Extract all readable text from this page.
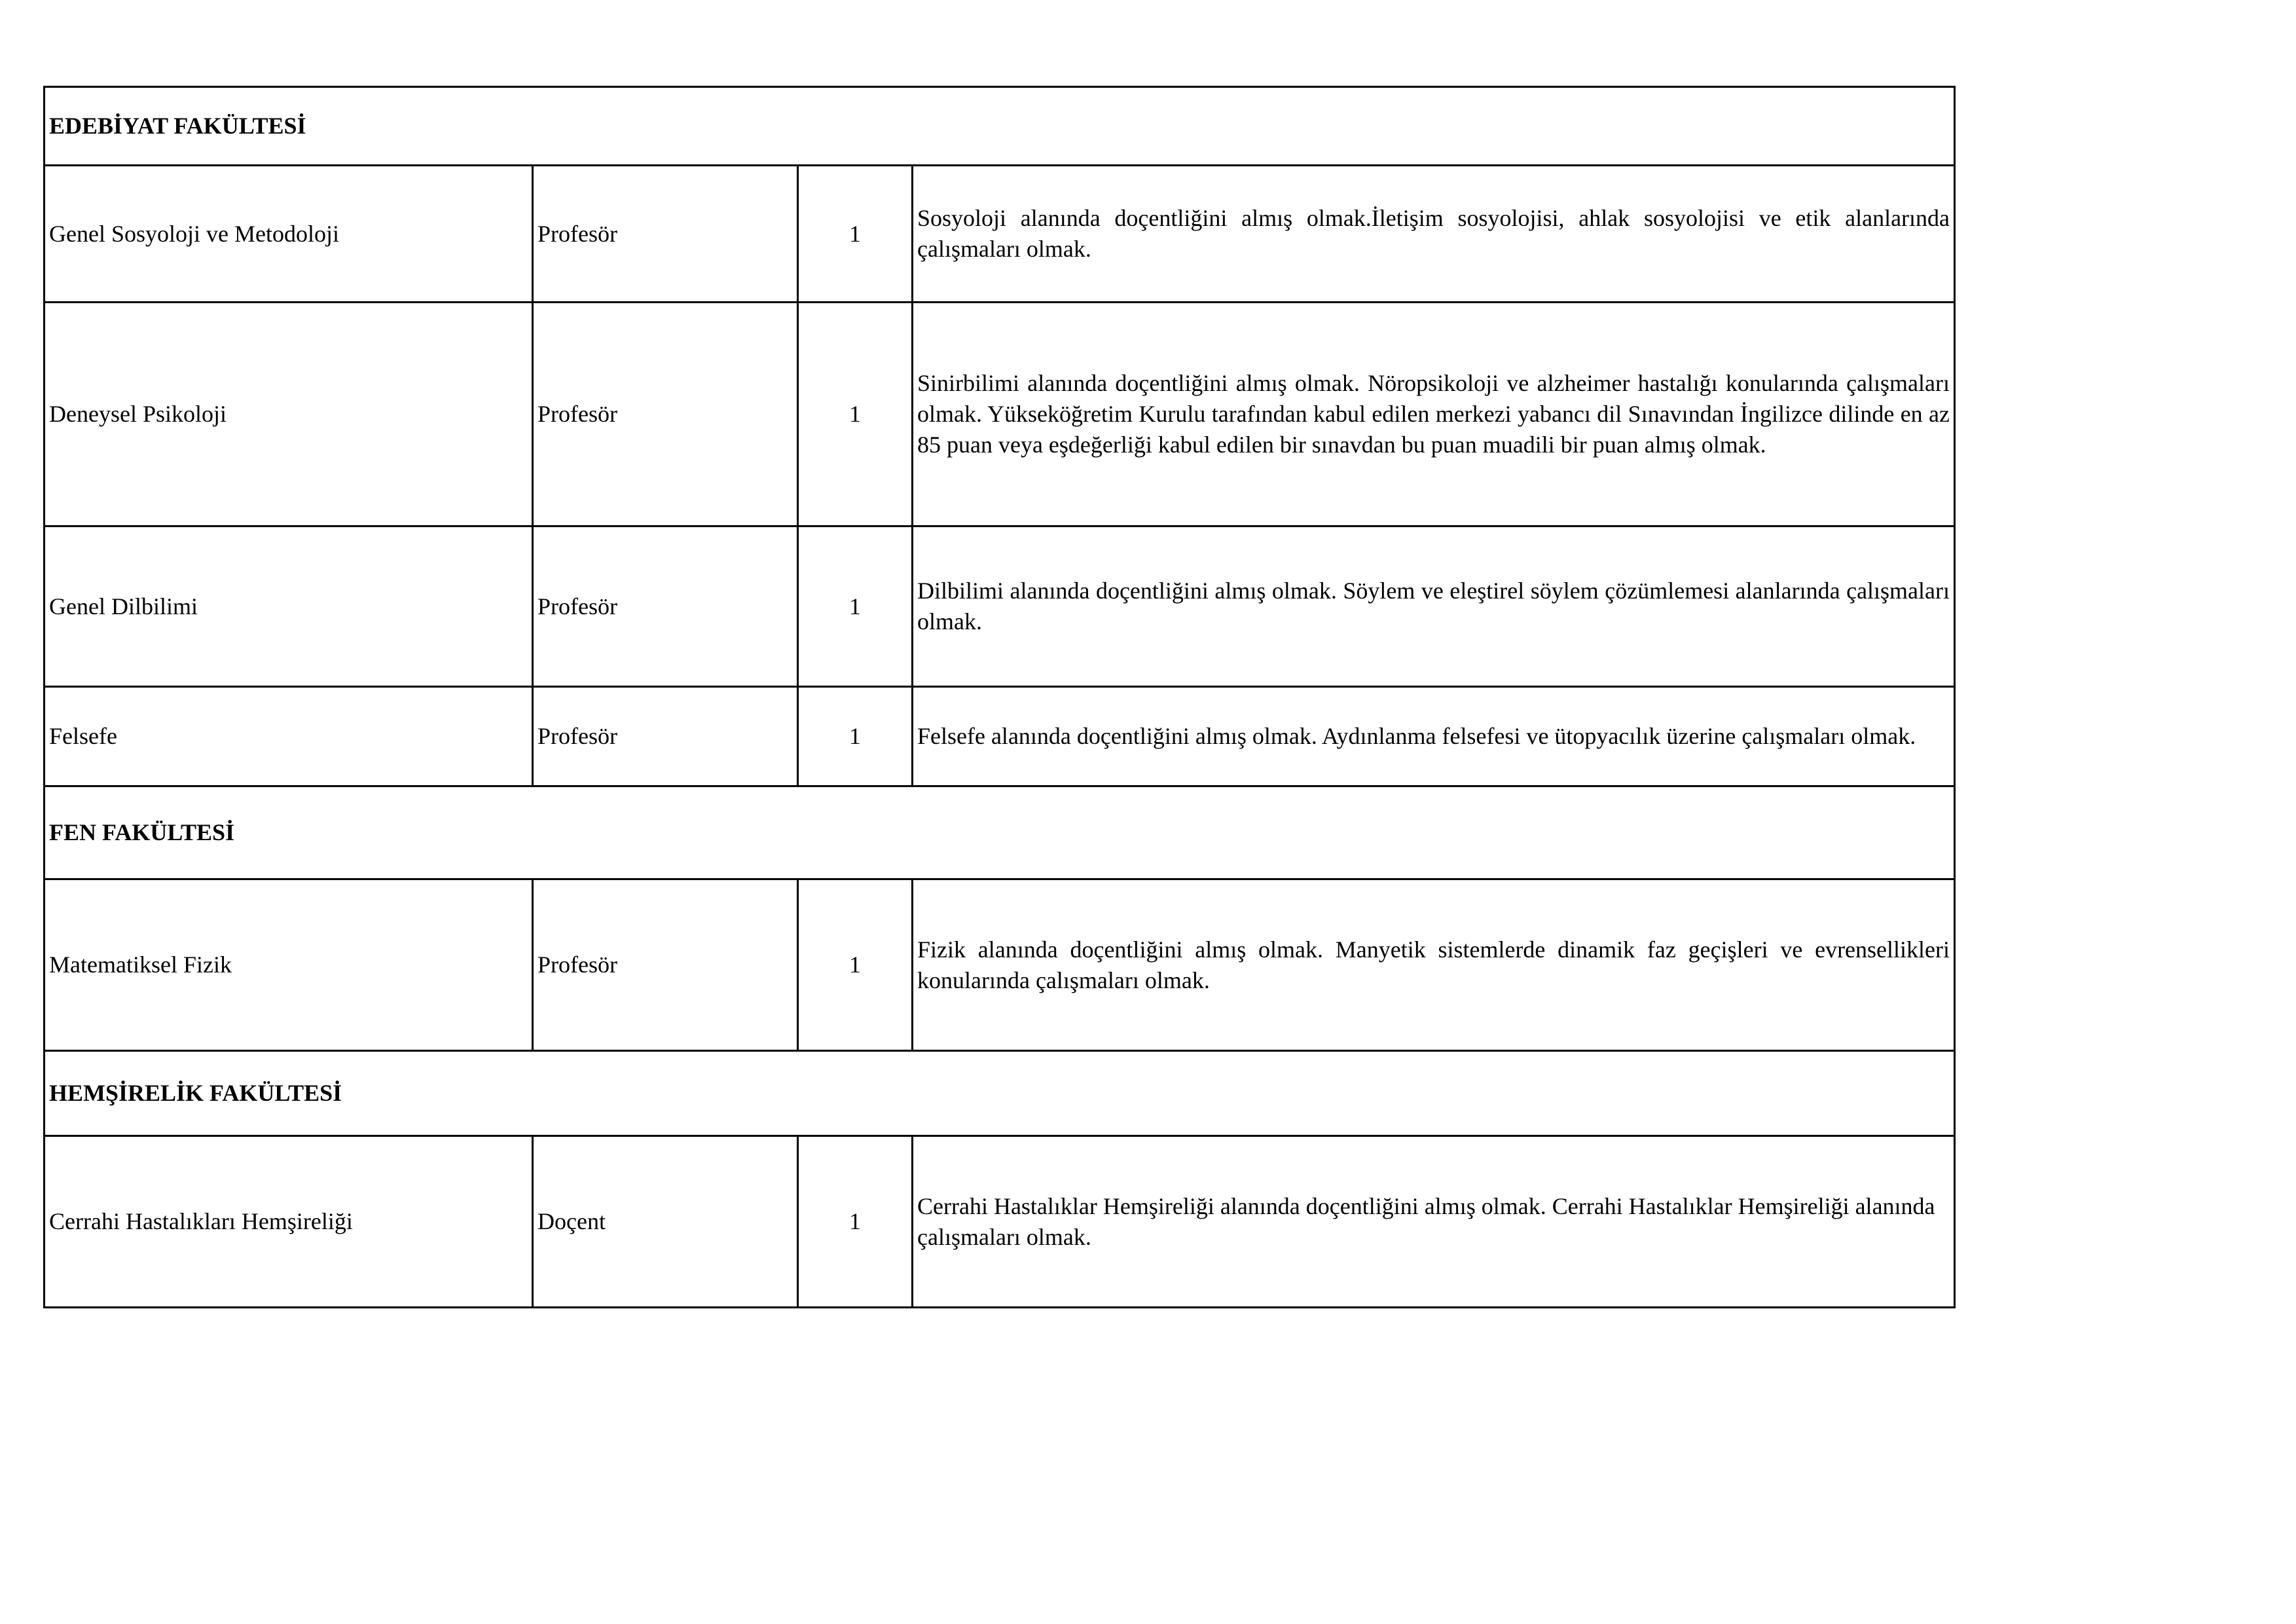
EDEBİYAT FAKÜLTESİ			
Genel Sosyoloji ve Metodoloji	Profesör	1	Sosyoloji alanında doçentliğini almış olmak.İletişim sosyolojisi, ahlak sosyolojisi ve etik alanlarında çalışmaları olmak.
Deneysel Psikoloji	Profesör	1	Sinirbilimi alanında doçentliğini almış olmak. Nöropsikoloji ve alzheimer hastalığı konularında çalışmaları olmak. Yükseköğretim Kurulu tarafından kabul edilen merkezi yabancı dil Sınavından İngilizce dilinde en az 85 puan veya eşdeğerliği kabul edilen bir sınavdan bu puan muadili bir puan almış olmak.
Genel Dilbilimi	Profesör	1	Dilbilimi alanında doçentliğini almış olmak. Söylem ve eleştirel söylem çözümlemesi alanlarında çalışmaları olmak.
Felsefe	Profesör	1	Felsefe alanında doçentliğini almış olmak. Aydınlanma felsefesi ve ütopyacılık üzerine çalışmaları olmak.
FEN FAKÜLTESİ			
Matematiksel Fizik	Profesör	1	Fizik alanında doçentliğini almış olmak. Manyetik sistemlerde dinamik faz geçişleri ve evrensellikleri konularında çalışmaları olmak.
HEMŞİRELİK FAKÜLTESİ			
Cerrahi Hastalıkları Hemşireliği	Doçent	1	Cerrahi Hastalıklar Hemşireliği alanında doçentliğini almış olmak. Cerrahi Hastalıklar Hemşireliği alanında çalışmaları olmak.
